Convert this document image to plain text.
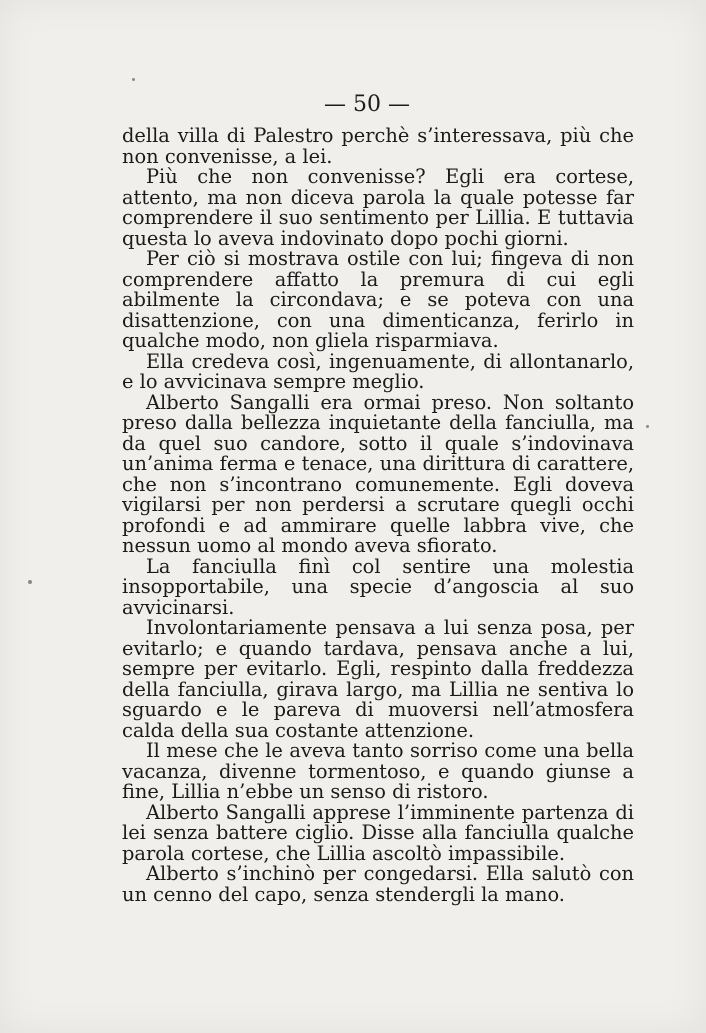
— 50 —

della villa di Palestro perchè s’interessava, più che non convenisse, a lei.

Più che non convenisse? Egli era cortese, attento, ma non diceva parola la quale potesse far comprendere il suo sentimento per Lillia. E tuttavia questa lo aveva indovinato dopo pochi giorni.

Per ciò si mostrava ostile con lui; fingeva di non comprendere affatto la premura di cui egli abilmente la circondava; e se poteva con una disattenzione, con una dimenticanza, ferirlo in qualche modo, non gliela risparmiava.

Ella credeva così, ingenuamente, di allontanarlo, e lo avvicinava sempre meglio.

Alberto Sangalli era ormai preso. Non soltanto preso dalla bellezza inquietante della fanciulla, ma da quel suo candore, sotto il quale s’indovinava un’anima ferma e tenace, una dirittura di carattere, che non s’incontrano comunemente. Egli doveva vigilarsi per non perdersi a scrutare quegli occhi profondi e ad ammirare quelle labbra vive, che nessun uomo al mondo aveva sfiorato.

La fanciulla finì col sentire una molestia insopportabile, una specie d’angoscia al suo avvicinarsi.

Involontariamente pensava a lui senza posa, per evitarlo; e quando tardava, pensava anche a lui, sempre per evitarlo. Egli, respinto dalla freddezza della fanciulla, girava largo, ma Lillia ne sentiva lo sguardo e le pareva di muoversi nell’atmosfera calda della sua costante attenzione.

Il mese che le aveva tanto sorriso come una bella vacanza, divenne tormentoso, e quando giunse a fine, Lillia n’ebbe un senso di ristoro.

Alberto Sangalli apprese l’imminente partenza di lei senza battere ciglio. Disse alla fanciulla qualche parola cortese, che Lillia ascoltò impassibile.

Alberto s’inchinò per congedarsi. Ella salutò con un cenno del capo, senza stendergli la mano.
